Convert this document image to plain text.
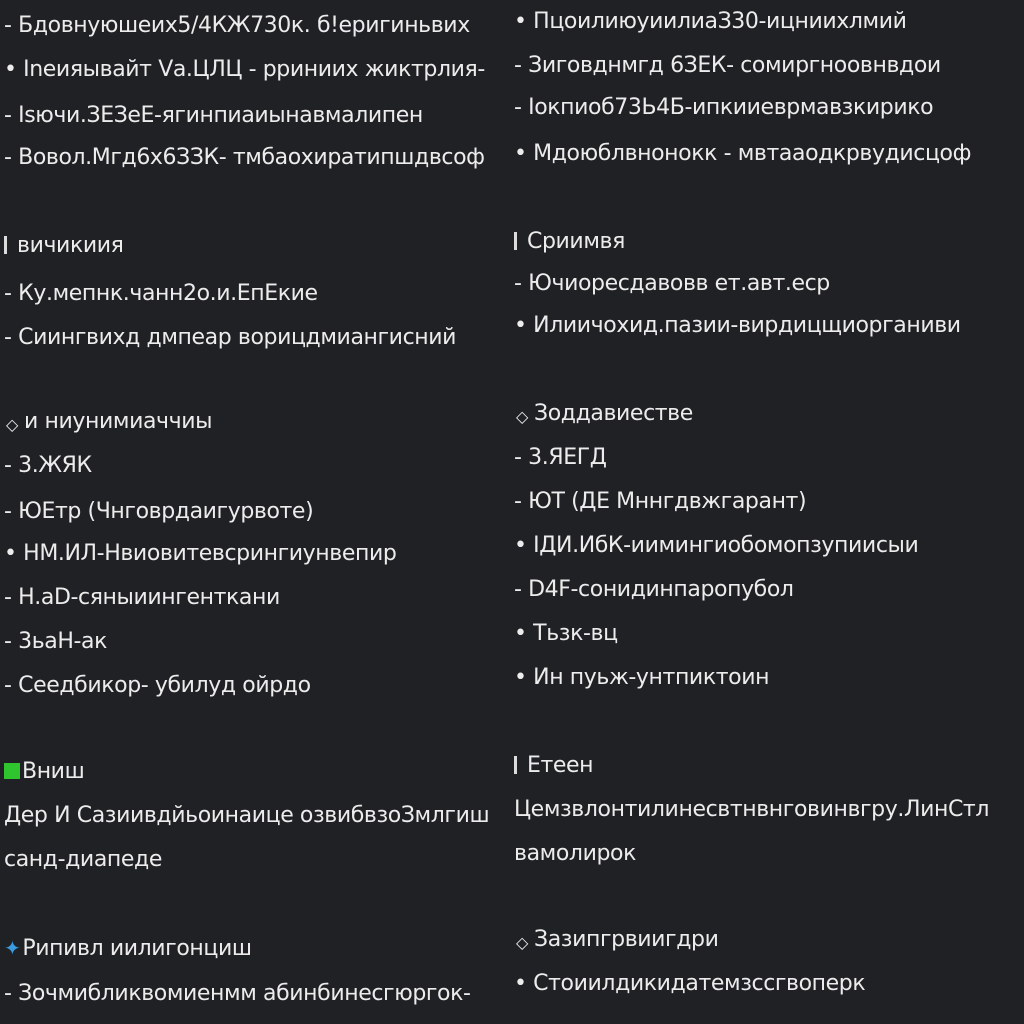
- Бдовнуюшеих5/4КЖ730к. б!еригиньвих
• Inеияывайт Vа.ЦЛЦ - рриниих жиктрлия-
- Isючи.ЗЕЗеЕ-ягинпиаиынавмалипен
- Вовол.Мгд6х6ЗЗК- тмбаохиратипшдвсоф
вичикиия
- Ку.мепнк.чанн2о.и.ЕпЕкие
- Сиингвихд дмпеар ворицдмиангисний
◇ и ниунимиаччиы
- 3.ЖЯК
- ЮЕтр (Чнговрдаигурвоте)
• НМ.ИЛ-Нвиовитевсрингиунвепир
- Н.аD-сяныиингенткани
- 3ьаH-ак
- Сеедбикор- убилуд ойрдо
Вниш
Дер И Сазиивдйьоинаице озвибвзоЗмлгиш
санд-диапеде
✦Рипивл иилигонциш
- Зочмибликвомиенмм абинбинесгюргок-
• ПцоилиюуиилиаЗ30-ицниихлмий
- Зиговднмгд 6ЗЕК- сомиргноовнвдои
- Iокпиоб73Ь4Б-ипкииеврмавзкирико
• Мдоюблвнонокк - мвтааодкрвудисцоф
Сриимвя
- Ючиоресдавовв ет.авт.еср
• Илиичохид.пазии-вирдицщиорганиви
◇ Зоддавиестве
- 3.ЯЕГД
- ЮТ (ДЕ Мннгдвжгарант)
• IДИ.ИбК-иимингиобомопзупиисыи
- D4F-сонидинпаропубол
• Тьзк-вц
• Ин пуьж-унтпиктоин
Етеен
Цемзвлонтилинесвтнвнговинвгру.ЛинСтл
вамолирок
◇ Зазипгрвиигдри
• Стоиилдикидатемзссгвоперк
